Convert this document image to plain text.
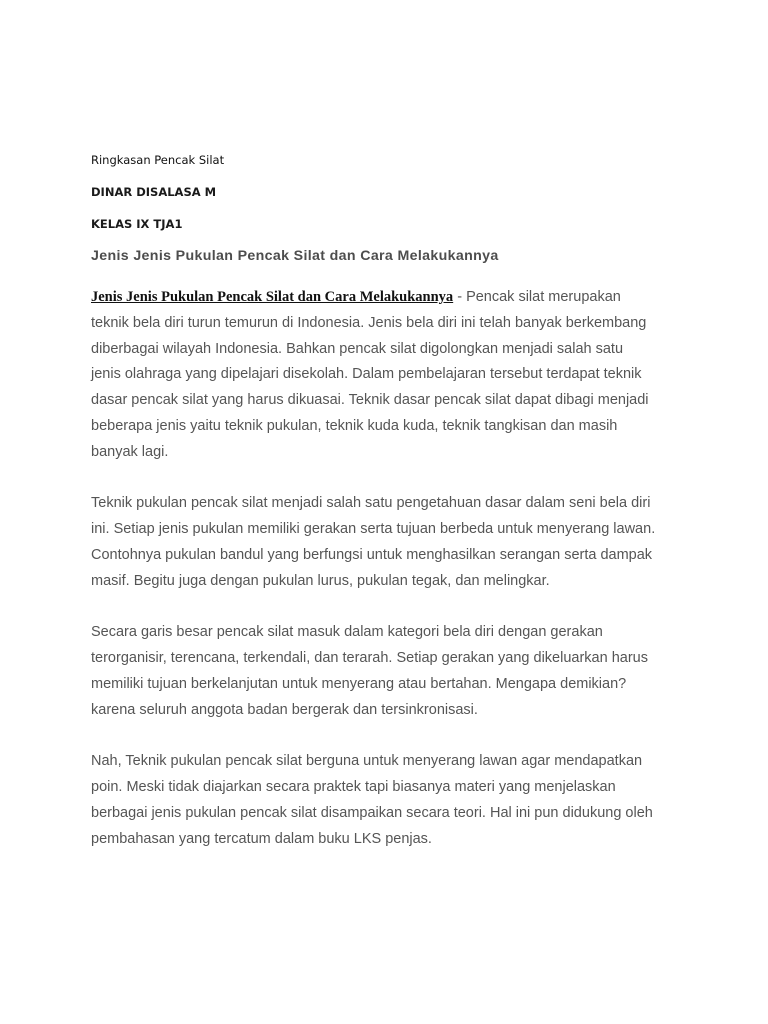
Ringkasan Pencak Silat

DINAR DISALASA M

KELAS IX TJA1

Jenis Jenis Pukulan Pencak Silat dan Cara Melakukannya

Jenis Jenis Pukulan Pencak Silat dan Cara Melakukannya - Pencak silat merupakan
teknik bela diri turun temurun di Indonesia. Jenis bela diri ini telah banyak berkembang
diberbagai wilayah Indonesia. Bahkan pencak silat digolongkan menjadi salah satu
jenis olahraga yang dipelajari disekolah. Dalam pembelajaran tersebut terdapat teknik
dasar pencak silat yang harus dikuasai. Teknik dasar pencak silat dapat dibagi menjadi
beberapa jenis yaitu teknik pukulan, teknik kuda kuda, teknik tangkisan dan masih
banyak lagi.

Teknik pukulan pencak silat menjadi salah satu pengetahuan dasar dalam seni bela diri
ini. Setiap jenis pukulan memiliki gerakan serta tujuan berbeda untuk menyerang lawan.
Contohnya pukulan bandul yang berfungsi untuk menghasilkan serangan serta dampak
masif. Begitu juga dengan pukulan lurus, pukulan tegak, dan melingkar.

Secara garis besar pencak silat masuk dalam kategori bela diri dengan gerakan
terorganisir, terencana, terkendali, dan terarah. Setiap gerakan yang dikeluarkan harus
memiliki tujuan berkelanjutan untuk menyerang atau bertahan. Mengapa demikian?
karena seluruh anggota badan bergerak dan tersinkronisasi.

Nah, Teknik pukulan pencak silat berguna untuk menyerang lawan agar mendapatkan
poin. Meski tidak diajarkan secara praktek tapi biasanya materi yang menjelaskan
berbagai jenis pukulan pencak silat disampaikan secara teori. Hal ini pun didukung oleh
pembahasan yang tercatum dalam buku LKS penjas.
